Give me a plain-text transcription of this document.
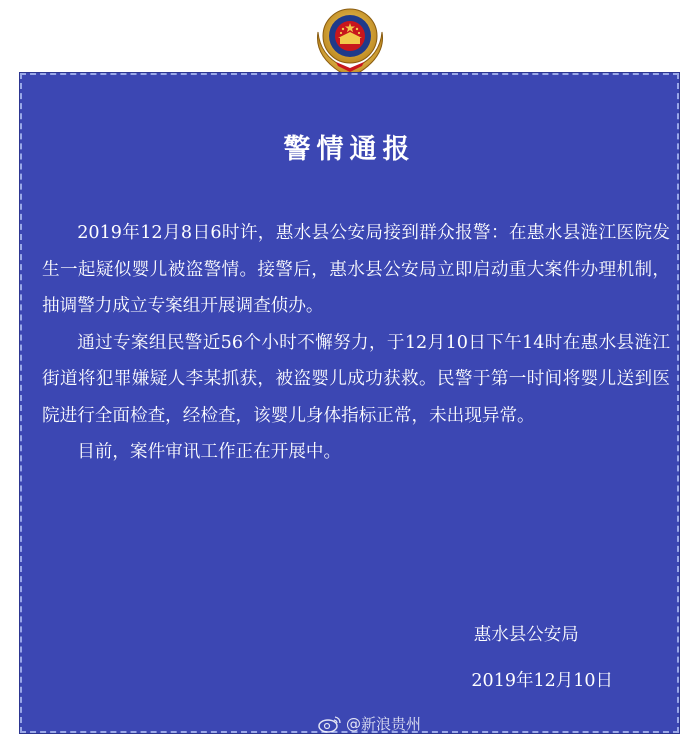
警情通报

2019年12月8日6时许，惠水县公安局接到群众报警：在惠水县涟江医院发生一起疑似婴儿被盗警情。接警后，惠水县公安局立即启动重大案件办理机制，抽调警力成立专案组开展调查侦办。

通过专案组民警近56个小时不懈努力，于12月10日下午14时在惠水县涟江街道将犯罪嫌疑人李某抓获，被盗婴儿成功获救。民警于第一时间将婴儿送到医院进行全面检查，经检查，该婴儿身体指标正常，未出现异常。

目前，案件审讯工作正在开展中。

惠水县公安局
2019年12月10日
@新浪贵州
